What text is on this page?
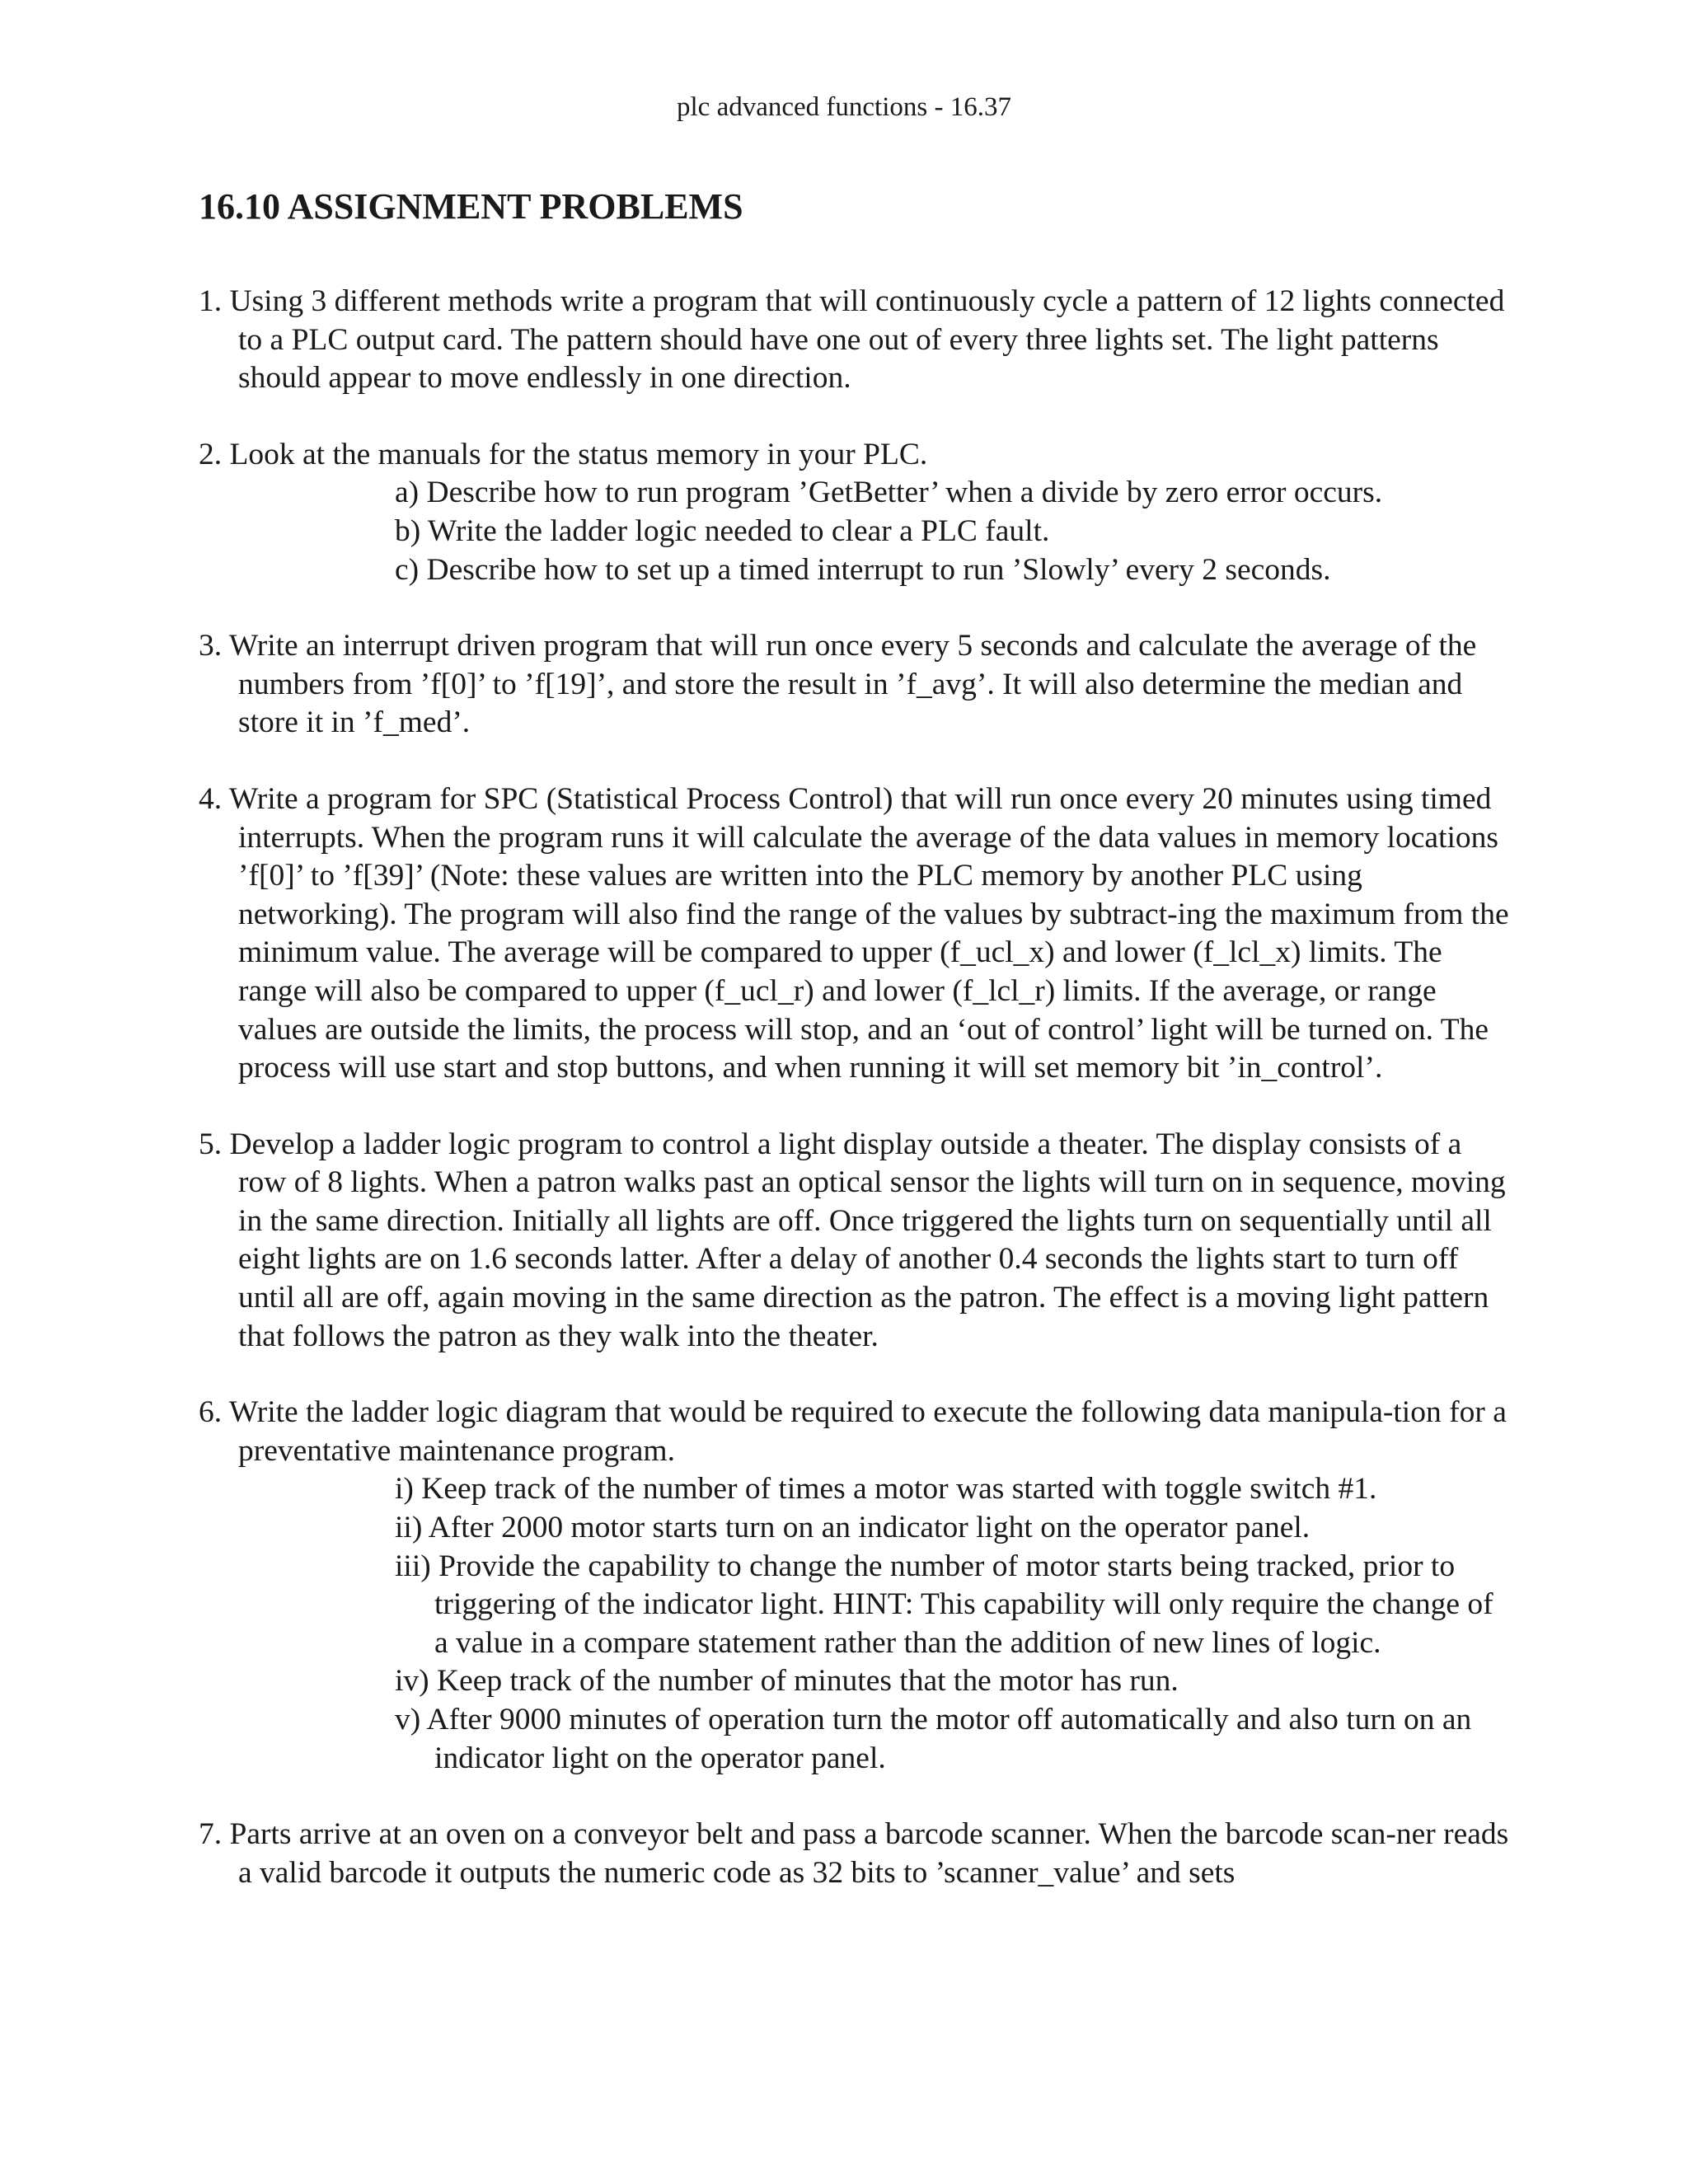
plc advanced functions - 16.37
16.10 ASSIGNMENT PROBLEMS

1. Using 3 different methods write a program that will continuously cycle a pattern of 12 lights connected to a PLC output card. The pattern should have one out of every three lights set. The light patterns should appear to move endlessly in one direction.

2. Look at the manuals for the status memory in your PLC.

a) Describe how to run program ’GetBetter’ when a divide by zero error occurs.

b) Write the ladder logic needed to clear a PLC fault.

c) Describe how to set up a timed interrupt to run ’Slowly’ every 2 seconds.

3. Write an interrupt driven program that will run once every 5 seconds and calculate the average of the numbers from ’f[0]’ to ’f[19]’, and store the result in ’f_avg’. It will also determine the median and store it in ’f_med’.

4. Write a program for SPC (Statistical Process Control) that will run once every 20 minutes using timed interrupts. When the program runs it will calculate the average of the data values in memory locations ’f[0]’ to ’f[39]’ (Note: these values are written into the PLC memory by another PLC using networking). The program will also find the range of the values by subtract-ing the maximum from the minimum value. The average will be compared to upper (f_ucl_x) and lower (f_lcl_x) limits. The range will also be compared to upper (f_ucl_r) and lower (f_lcl_r) limits. If the average, or range values are outside the limits, the process will stop, and an ‘out of control’ light will be turned on. The process will use start and stop buttons, and when running it will set memory bit ’in_control’.

5. Develop a ladder logic program to control a light display outside a theater. The display consists of a row of 8 lights. When a patron walks past an optical sensor the lights will turn on in sequence, moving in the same direction. Initially all lights are off. Once triggered the lights turn on sequentially until all eight lights are on 1.6 seconds latter. After a delay of another 0.4 seconds the lights start to turn off until all are off, again moving in the same direction as the patron. The effect is a moving light pattern that follows the patron as they walk into the theater.

6. Write the ladder logic diagram that would be required to execute the following data manipula-tion for a preventative maintenance program.

i) Keep track of the number of times a motor was started with toggle switch #1.

ii) After 2000 motor starts turn on an indicator light on the operator panel.

iii) Provide the capability to change the number of motor starts being tracked, prior to triggering of the indicator light. HINT: This capability will only require the change of a value in a compare statement rather than the addition of new lines of logic.

iv) Keep track of the number of minutes that the motor has run.

v) After 9000 minutes of operation turn the motor off automatically and also turn on an indicator light on the operator panel.

7. Parts arrive at an oven on a conveyor belt and pass a barcode scanner. When the barcode scan-ner reads a valid barcode it outputs the numeric code as 32 bits to ’scanner_value’ and sets
